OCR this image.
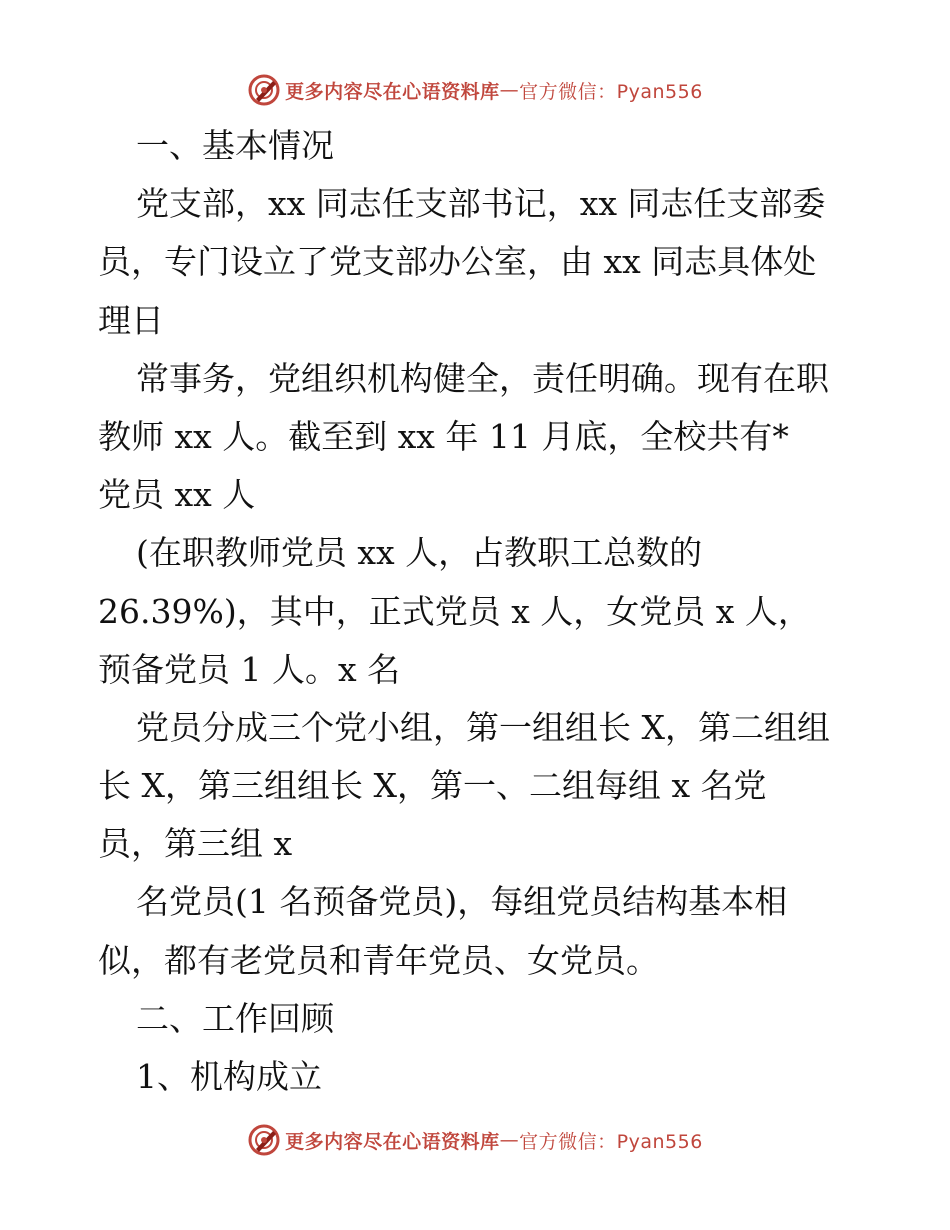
更多内容尽在心语资料库 — 官方微信：Pyan556

一、基本情况

党支部，xx 同志任支部书记，xx 同志任支部委

员，专门设立了党支部办公室，由 xx 同志具体处

理日

常事务，党组织机构健全，责任明确。现有在职

教师 xx 人。截至到 xx 年 11 月底，全校共有*

党员 xx 人

(在职教师党员 xx 人，占教职工总数的

26.39%)，其中，正式党员 x 人，女党员 x 人，

预备党员 1 人。x 名

党员分成三个党小组，第一组组长 X，第二组组

长 X，第三组组长 X，第一、二组每组 x 名党

员，第三组 x

名党员(1 名预备党员)，每组党员结构基本相

似，都有老党员和青年党员、女党员。

二、工作回顾

1、机构成立

更多内容尽在心语资料库 — 官方微信：Pyan556
